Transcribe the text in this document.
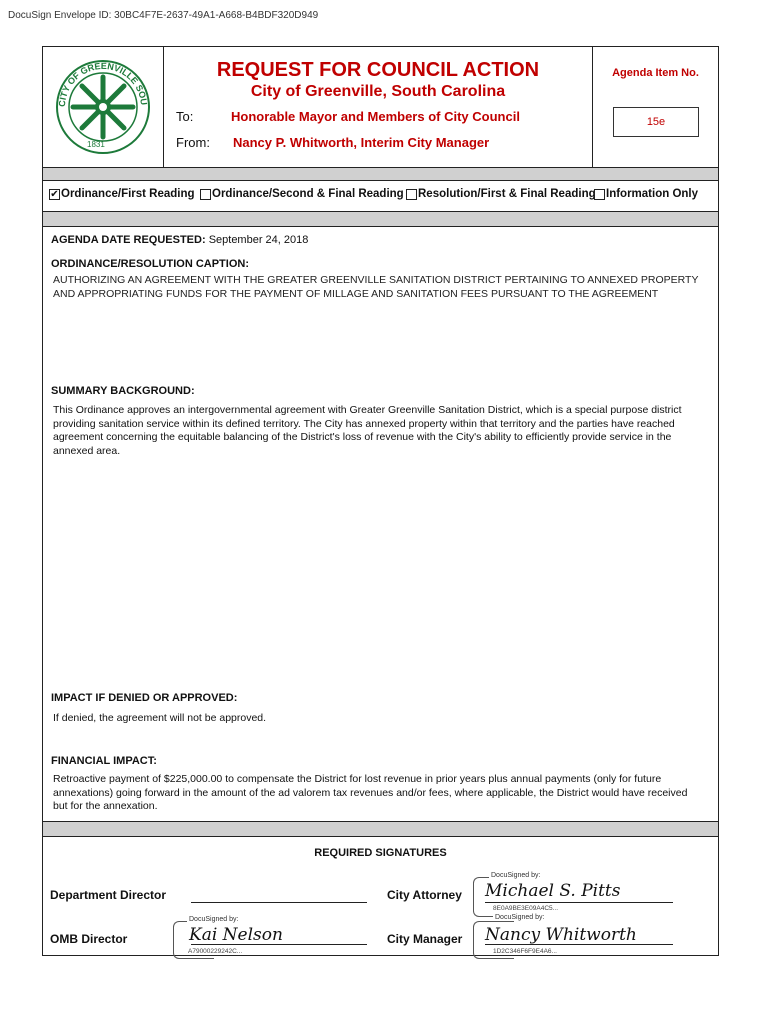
DocuSign Envelope ID: 30BC4F7E-2637-49A1-A668-B4BDF320D949
CITY OF GREENVILLE SOU
1831
REQUEST FOR COUNCIL ACTION
City of Greenville, South Carolina
To:	Honorable Mayor and Members of City Council
From: Nancy P. Whitworth, Interim City Manager
Agenda Item No.
15e
✔ Ordinance/First Reading Ordinance/Second & Final Reading Resolution/First & Final Reading Information Only
AGENDA DATE REQUESTED: September 24, 2018
ORDINANCE/RESOLUTION CAPTION:
AUTHORIZING AN AGREEMENT WITH THE GREATER GREENVILLE SANITATION DISTRICT PERTAINING TO ANNEXED PROPERTY AND APPROPRIATING FUNDS FOR THE PAYMENT OF MILLAGE AND SANITATION FEES PURSUANT TO THE AGREEMENT
SUMMARY BACKGROUND:
This Ordinance approves an intergovernmental agreement with Greater Greenville Sanitation District, which is a special purpose district providing sanitation service within its defined territory. The City has annexed property within that territory and the parties have reached agreement concerning the equitable balancing of the District's loss of revenue with the City's ability to efficiently provide service in the annexed area.
IMPACT IF DENIED OR APPROVED:
If denied, the agreement will not be approved.
FINANCIAL IMPACT:
Retroactive payment of $225,000.00 to compensate the District for lost revenue in prior years plus annual payments (only for future annexations) going forward in the amount of the ad valorem tax revenues and/or fees, where applicable, the District would have received but for the annexation.
REQUIRED SIGNATURES
Department Director
OMB Director
DocuSigned by:
Kai Nelson
A79000229242C...
City Attorney
DocuSigned by:
Michael S. Pitts
8E0A9BE3E09A4C5...
City Manager
DocuSigned by:
Nancy Whitworth
1D2C346F6F9E4A6...
